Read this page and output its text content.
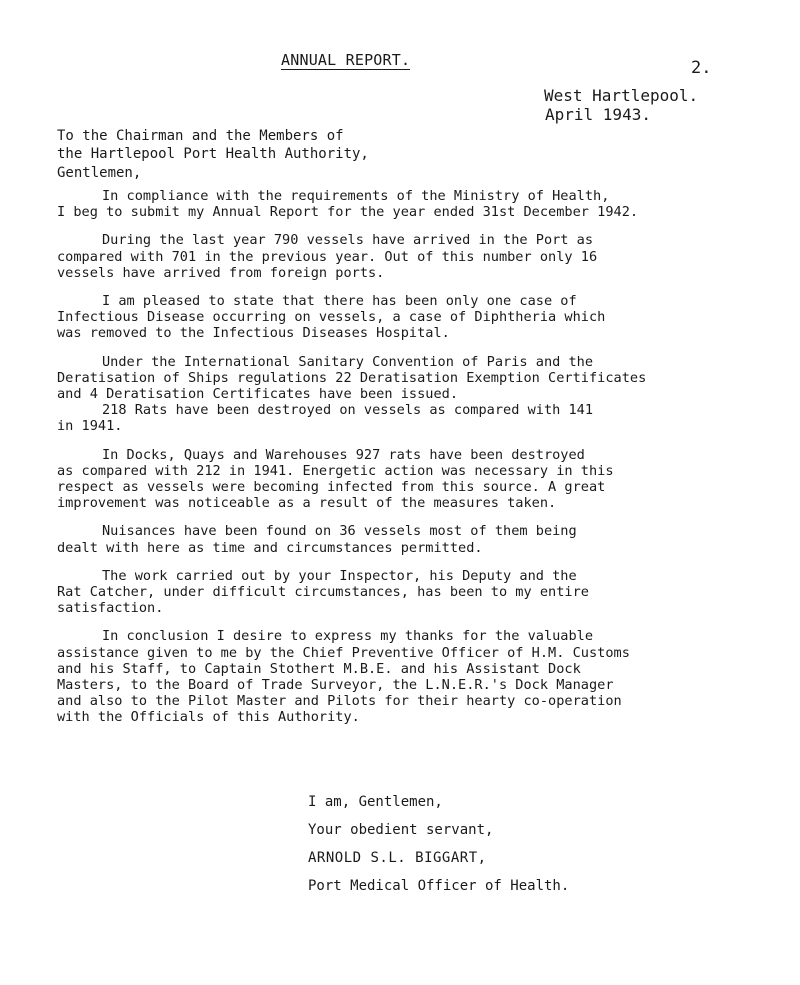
ANNUAL REPORT.	2.
West Hartlepool.
April 1943.
To the Chairman and the Members of
the Hartlepool Port Health Authority,
Gentlemen,

In compliance with the requirements of the Ministry of Health,
I beg to submit my Annual Report for the year ended 31st December 1942.

During the last year 790 vessels have arrived in the Port as
compared with 701 in the previous year. Out of this number only 16
vessels have arrived from foreign ports.

I am pleased to state that there has been only one case of
Infectious Disease occurring on vessels, a case of Diphtheria which
was removed to the Infectious Diseases Hospital.

Under the International Sanitary Convention of Paris and the
Deratisation of Ships regulations 22 Deratisation Exemption Certificates
and 4 Deratisation Certificates have been issued.
218 Rats have been destroyed on vessels as compared with 141
in 1941.

In Docks, Quays and Warehouses 927 rats have been destroyed
as compared with 212 in 1941. Energetic action was necessary in this
respect as vessels were becoming infected from this source. A great
improvement was noticeable as a result of the measures taken.

Nuisances have been found on 36 vessels most of them being
dealt with here as time and circumstances permitted.

The work carried out by your Inspector, his Deputy and the
Rat Catcher, under difficult circumstances, has been to my entire
satisfaction.

In conclusion I desire to express my thanks for the valuable
assistance given to me by the Chief Preventive Officer of H.M. Customs
and his Staff, to Captain Stothert M.B.E. and his Assistant Dock
Masters, to the Board of Trade Surveyor, the L.N.E.R.'s Dock Manager
and also to the Pilot Master and Pilots for their hearty co-operation
with the Officials of this Authority.

I am, Gentlemen,
Your obedient servant,
ARNOLD S.L. BIGGART,
Port Medical Officer of Health.
